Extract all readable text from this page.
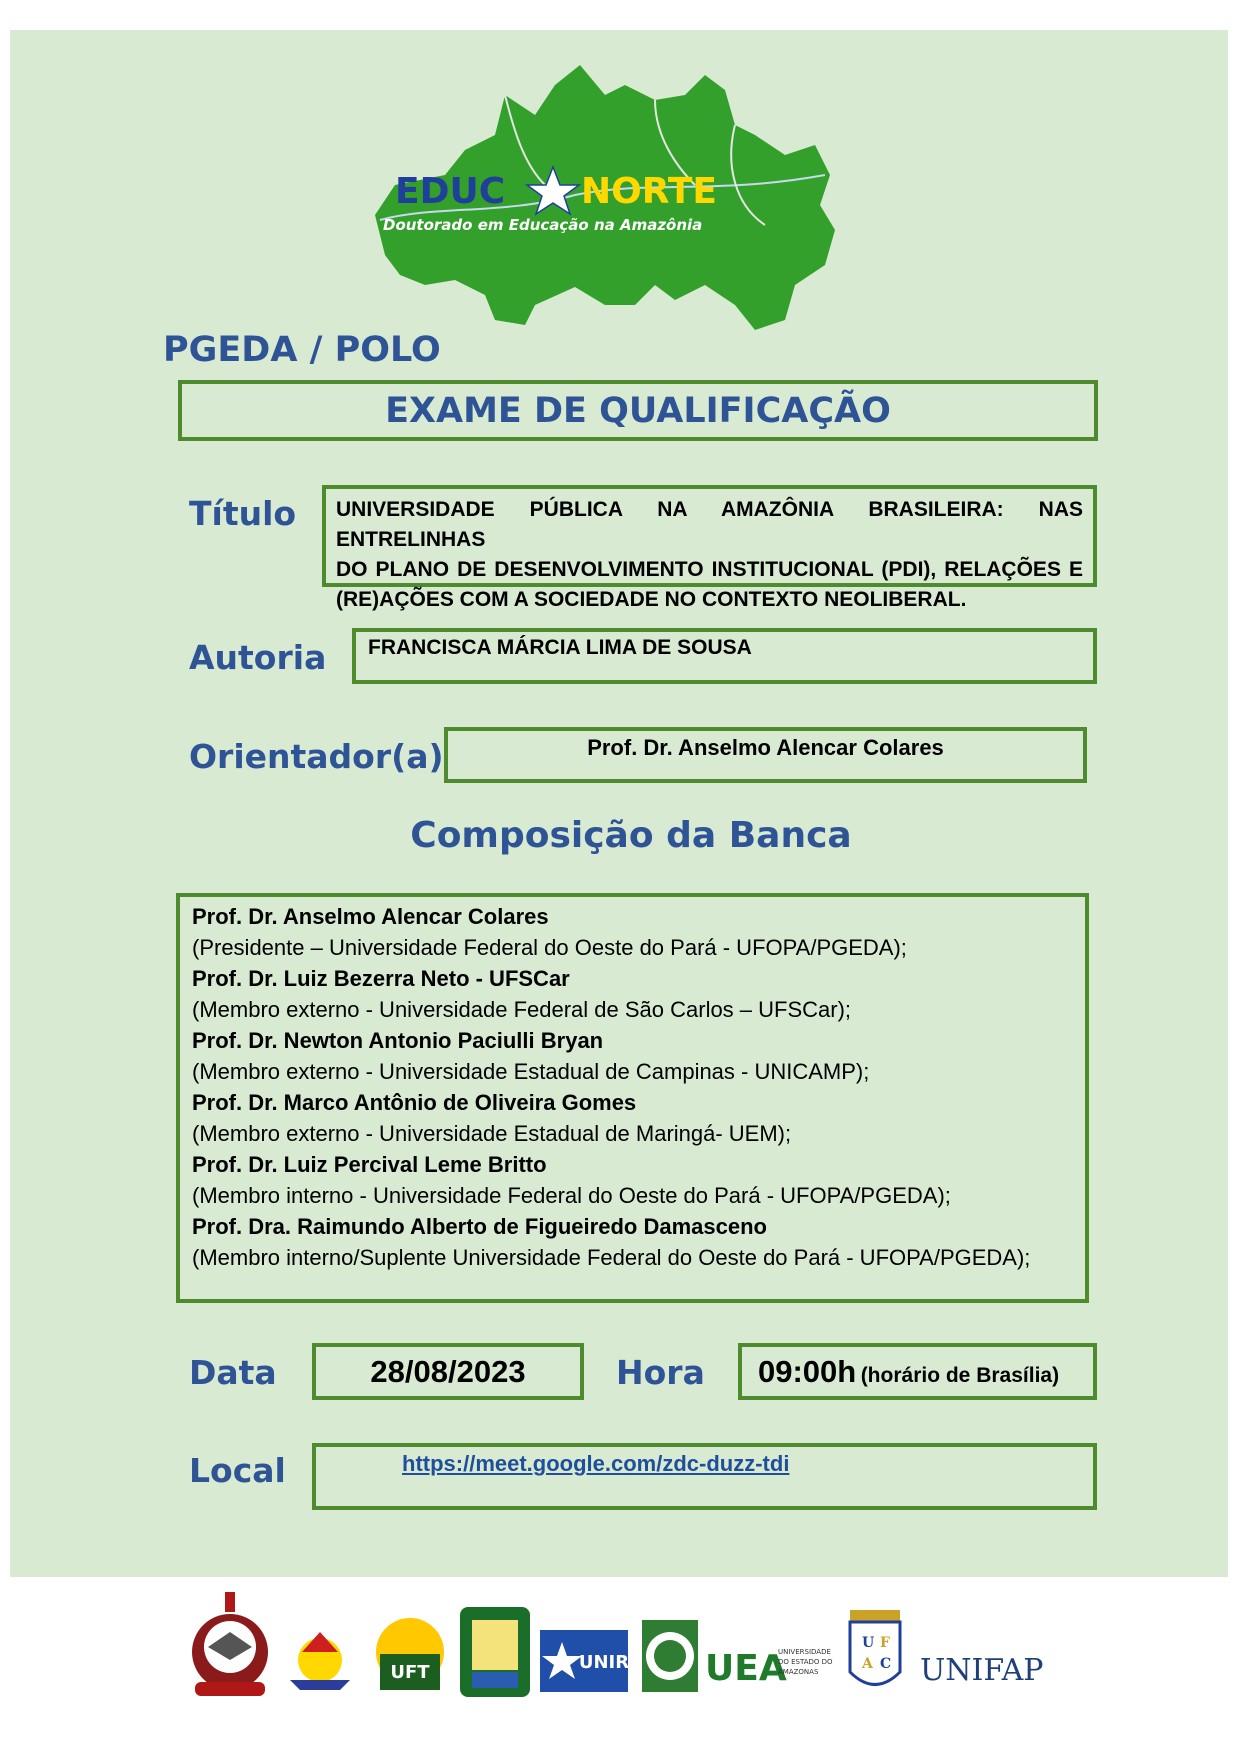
EDUC NORTE
Doutorado em Educação na Amazônia
PGEDA / POLO
EXAME DE QUALIFICAÇÃO
Título UNIVERSIDADE PÚBLICA NA AMAZÔNIA BRASILEIRA: NAS ENTRELINHAS
DO PLANO DE DESENVOLVIMENTO INSTITUCIONAL (PDI), RELAÇÕES E
(RE)AÇÕES COM A SOCIEDADE NO CONTEXTO NEOLIBERAL.
Autoria	FRANCISCA MÁRCIA LIMA DE SOUSA
Orientador(a)	Prof. Dr. Anselmo Alencar Colares
Composição da Banca
Prof. Dr. Anselmo Alencar Colares
(Presidente – Universidade Federal do Oeste do Pará - UFOPA/PGEDA);
Prof. Dr. Luiz Bezerra Neto - UFSCar
(Membro externo - Universidade Federal de São Carlos – UFSCar);
Prof. Dr. Newton Antonio Paciulli Bryan
(Membro externo - Universidade Estadual de Campinas - UNICAMP);
Prof. Dr. Marco Antônio de Oliveira Gomes
(Membro externo - Universidade Estadual de Maringá- UEM);
Prof. Dr. Luiz Percival Leme Britto
(Membro interno - Universidade Federal do Oeste do Pará - UFOPA/PGEDA);
Prof. Dra. Raimundo Alberto de Figueiredo Damasceno
(Membro interno/Suplente Universidade Federal do Oeste do Pará - UFOPA/PGEDA);
Data	28/08/2023	Hora	09:00h (horário de Brasília)
Local	https://meet.google.com/zdc-duzz-tdi
UFT	UNIR UEA
UNIVERSIDADE
DO ESTADO DO
AMAZONAS
U F
A C UNIFAP
